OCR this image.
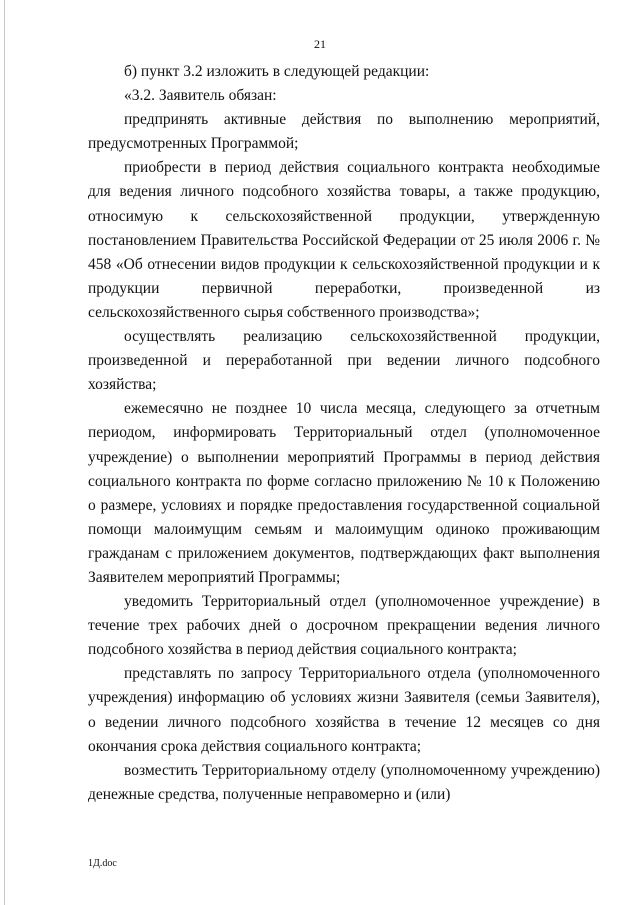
21

б) пункт 3.2 изложить в следующей редакции:

«3.2. Заявитель обязан:

предпринять активные действия по выполнению мероприятий, предусмотренных Программой;

приобрести в период действия социального контракта необходимые для ведения личного подсобного хозяйства товары, а также продукцию, относимую к сельскохозяйственной продукции, утвержденную постановлением Правительства Российской Федерации от 25 июля 2006 г. № 458 «Об отнесении видов продукции к сельскохозяйственной продукции и к продукции первичной переработки, произведенной из сельскохозяйственного сырья собственного производства»;

осуществлять реализацию сельскохозяйственной продукции, произведенной и переработанной при ведении личного подсобного хозяйства;

ежемесячно не позднее 10 числа месяца, следующего за отчетным периодом, информировать Территориальный отдел (уполномоченное учреждение) о выполнении мероприятий Программы в период действия социального контракта по форме согласно приложению № 10 к Положению о размере, условиях и порядке предоставления государственной социальной помощи малоимущим семьям и малоимущим одиноко проживающим гражданам с приложением документов, подтверждающих факт выполнения Заявителем мероприятий Программы;

уведомить Территориальный отдел (уполномоченное учреждение) в течение трех рабочих дней о досрочном прекращении ведения личного подсобного хозяйства в период действия социального контракта;

представлять по запросу Территориального отдела (уполномоченного учреждения) информацию об условиях жизни Заявителя (семьи Заявителя), о ведении личного подсобного хозяйства в течение 12 месяцев со дня окончания срока действия социального контракта;

возместить Территориальному отделу (уполномоченному учреждению) денежные средства, полученные неправомерно и (или)

1Д.doc
